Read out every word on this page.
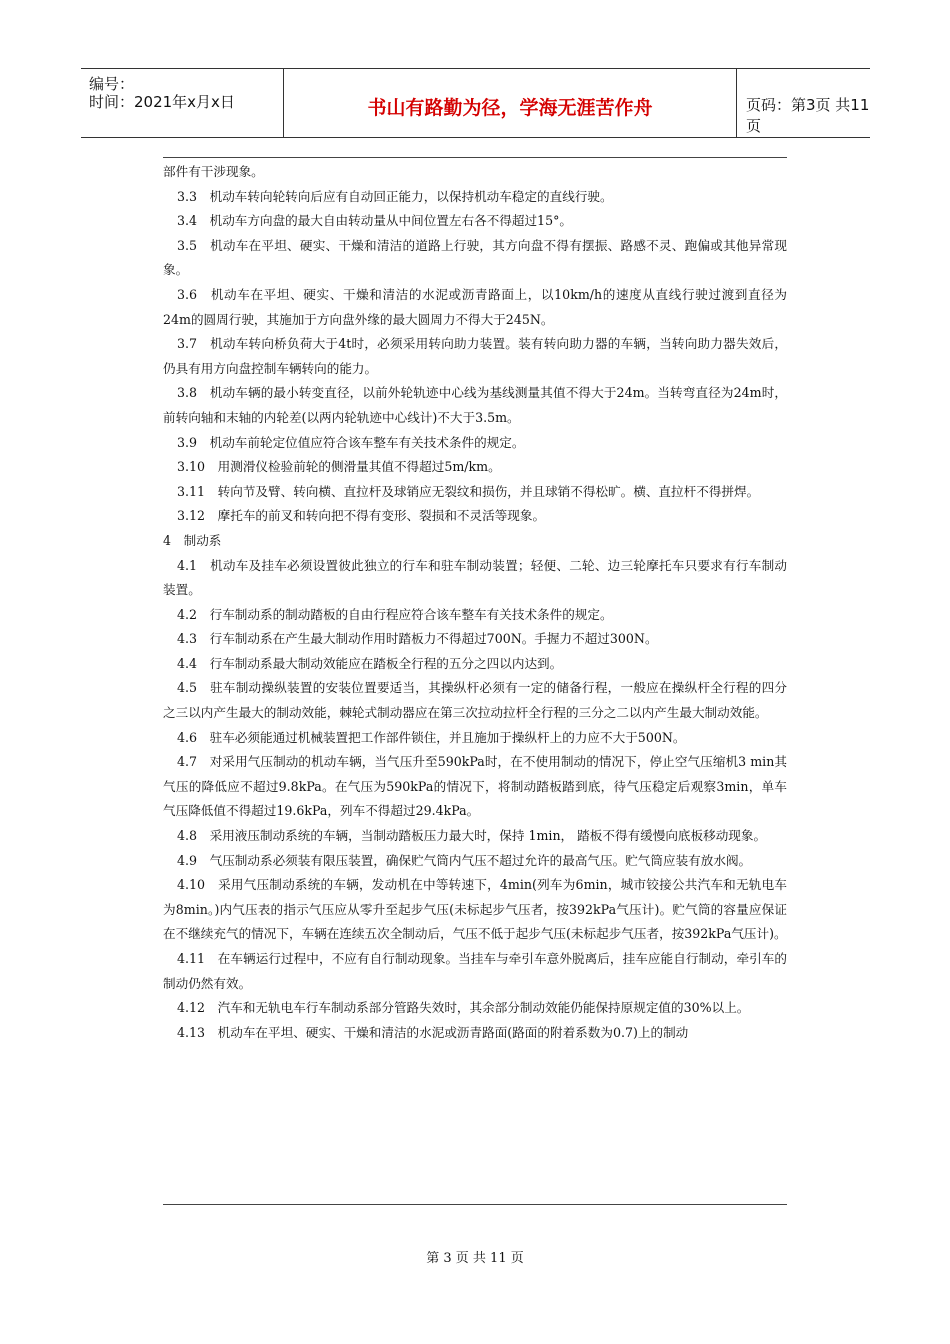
编号：
时间：2021年x月x日	书山有路勤为径，学海无涯苦作舟	页码：第3页 共11页

部件有干涉现象。

3.3　机动车转向轮转向后应有自动回正能力，以保持机动车稳定的直线行驶。

3.4　机动车方向盘的最大自由转动量从中间位置左右各不得超过15°。

3.5　机动车在平坦、硬实、干燥和清洁的道路上行驶，其方向盘不得有摆振、路感不灵、跑偏或其他异常现象。

3.6　机动车在平坦、硬实、干燥和清洁的水泥或沥青路面上，以10km/h的速度从直线行驶过渡到直径为24m的圆周行驶，其施加于方向盘外缘的最大圆周力不得大于245N。

3.7　机动车转向桥负荷大于4t时，必须采用转向助力装置。装有转向助力器的车辆，当转向助力器失效后，仍具有用方向盘控制车辆转向的能力。

3.8　机动车辆的最小转变直径，以前外轮轨迹中心线为基线测量其值不得大于24m。当转弯直径为24m时，前转向轴和末轴的内轮差(以两内轮轨迹中心线计)不大于3.5m。

3.9　机动车前轮定位值应符合该车整车有关技术条件的规定。

3.10　用测滑仪检验前轮的侧滑量其值不得超过5m/km。

3.11　转向节及臂、转向横、直拉杆及球销应无裂纹和损伤，并且球销不得松旷。横、直拉杆不得拼焊。

3.12　摩托车的前叉和转向把不得有变形、裂损和不灵活等现象。

4　制动系

4.1　机动车及挂车必须设置彼此独立的行车和驻车制动装置；轻便、二轮、边三轮摩托车只要求有行车制动装置。

4.2　行车制动系的制动踏板的自由行程应符合该车整车有关技术条件的规定。

4.3　行车制动系在产生最大制动作用时踏板力不得超过700N。手握力不超过300N。

4.4　行车制动系最大制动效能应在踏板全行程的五分之四以内达到。

4.5　驻车制动操纵装置的安装位置要适当，其操纵杆必须有一定的储备行程，一般应在操纵杆全行程的四分之三以内产生最大的制动效能，棘轮式制动器应在第三次拉动拉杆全行程的三分之二以内产生最大制动效能。

4.6　驻车必须能通过机械装置把工作部件锁住，并且施加于操纵杆上的力应不大于500N。

4.7　对采用气压制动的机动车辆，当气压升至590kPa时，在不使用制动的情况下，停止空气压缩机3 min其气压的降低应不超过9.8kPa。在气压为590kPa的情况下，将制动踏板踏到底，待气压稳定后观察3min，单车气压降低值不得超过19.6kPa，列车不得超过29.4kPa。

4.8　采用液压制动系统的车辆，当制动踏板压力最大时，保持 1min， 踏板不得有缓慢向底板移动现象。

4.9　气压制动系必须装有限压装置，确保贮气筒内气压不超过允许的最高气压。贮气筒应装有放水阀。

4.10　采用气压制动系统的车辆，发动机在中等转速下，4min(列车为6min，城市铰接公共汽车和无轨电车为8min。)内气压表的指示气压应从零升至起步气压(未标起步气压者，按392kPa气压计)。贮气筒的容量应保证在不继续充气的情况下，车辆在连续五次全制动后，气压不低于起步气压(未标起步气压者，按392kPa气压计)。

4.11　在车辆运行过程中，不应有自行制动现象。当挂车与牵引车意外脱离后，挂车应能自行制动，牵引车的制动仍然有效。

4.12　汽车和无轨电车行车制动系部分管路失效时，其余部分制动效能仍能保持原规定值的30%以上。

4.13　机动车在平坦、硬实、干燥和清洁的水泥或沥青路面(路面的附着系数为0.7)上的制动

第 3 页 共 11 页
